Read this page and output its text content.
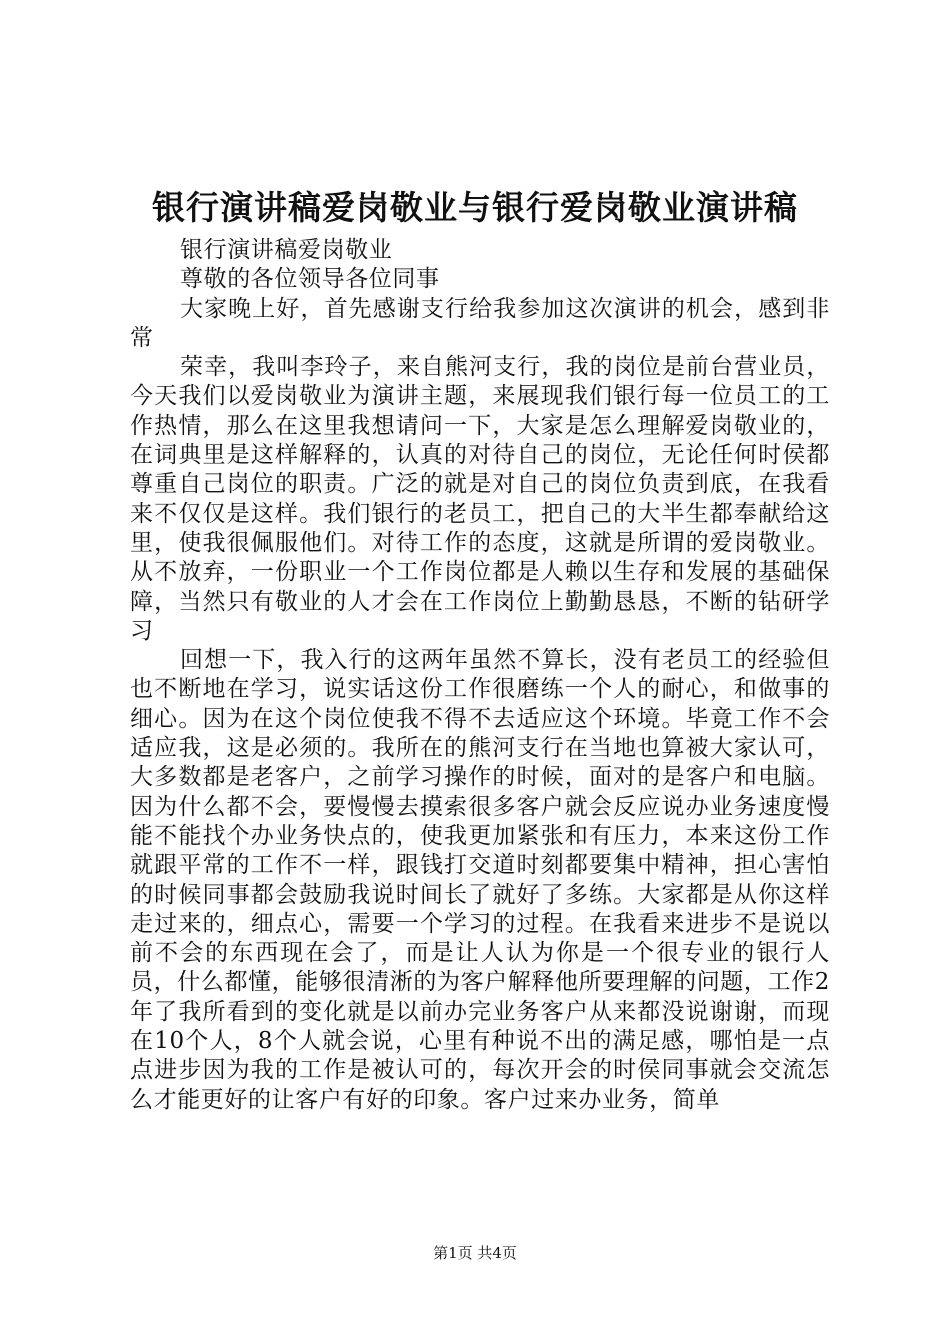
银行演讲稿爱岗敬业与银行爱岗敬业演讲稿

银行演讲稿爱岗敬业

尊敬的各位领导各位同事

大家晚上好，首先感谢支行给我参加这次演讲的机会，感到非常

荣幸，我叫李玲子，来自熊河支行，我的岗位是前台营业员，今天我们以爱岗敬业为演讲主题，来展现我们银行每一位员工的工作热情，那么在这里我想请问一下，大家是怎么理解爱岗敬业的，在词典里是这样解释的，认真的对待自己的岗位，无论任何时侯都尊重自己岗位的职责。广泛的就是对自己的岗位负责到底，在我看来不仅仅是这样。我们银行的老员工，把自己的大半生都奉献给这里，使我很佩服他们。对待工作的态度，这就是所谓的爱岗敬业。从不放弃，一份职业一个工作岗位都是人赖以生存和发展的基础保障，当然只有敬业的人才会在工作岗位上勤勤恳恳，不断的钻研学习

回想一下，我入行的这两年虽然不算长，没有老员工的经验但也不断地在学习，说实话这份工作很磨练一个人的耐心，和做事的细心。因为在这个岗位使我不得不去适应这个环境。毕竟工作不会适应我，这是必须的。我所在的熊河支行在当地也算被大家认可，大多数都是老客户，之前学习操作的时候，面对的是客户和电脑。因为什么都不会，要慢慢去摸索很多客户就会反应说办业务速度慢能不能找个办业务快点的，使我更加紧张和有压力，本来这份工作就跟平常的工作不一样，跟钱打交道时刻都要集中精神，担心害怕的时候同事都会鼓励我说时间长了就好了多练。大家都是从你这样走过来的，细点心，需要一个学习的过程。在我看来进步不是说以前不会的东西现在会了，而是让人认为你是一个很专业的银行人员，什么都懂，能够很清淅的为客户解释他所要理解的问题，工作2年了我所看到的变化就是以前办完业务客户从来都没说谢谢，而现在10个人，8个人就会说，心里有种说不出的满足感，哪怕是一点点进步因为我的工作是被认可的，每次开会的时侯同事就会交流怎么才能更好的让客户有好的印象。客户过来办业务，简单

第1页 共4页
